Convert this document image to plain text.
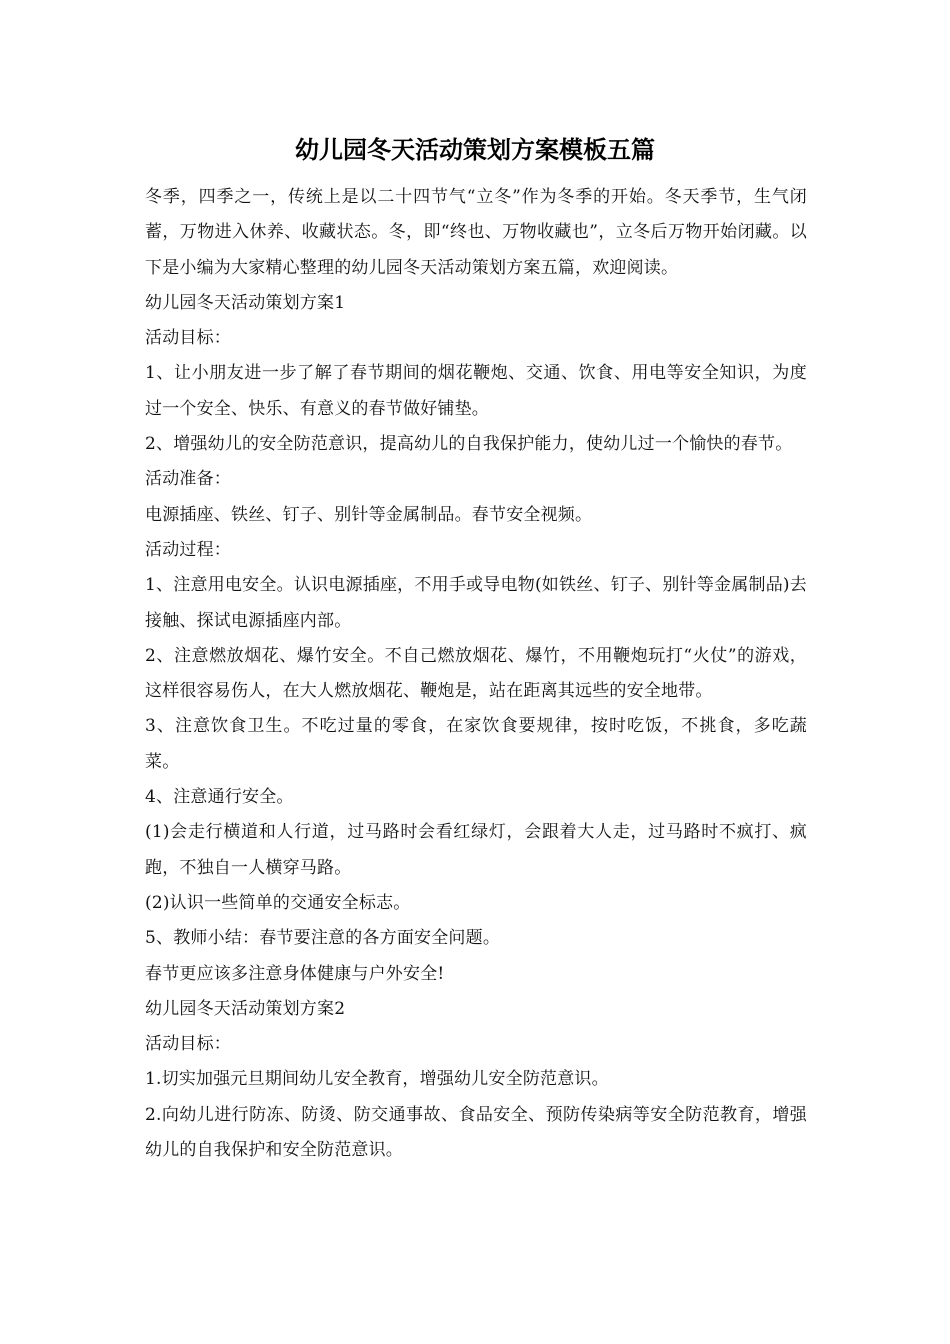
幼儿园冬天活动策划方案模板五篇

冬季，四季之一，传统上是以二十四节气“立冬”作为冬季的开始。冬天季节，生气闭蓄，万物进入休养、收藏状态。冬，即“终也、万物收藏也”，立冬后万物开始闭藏。以下是小编为大家精心整理的幼儿园冬天活动策划方案五篇，欢迎阅读。

幼儿园冬天活动策划方案1

活动目标：

1、让小朋友进一步了解了春节期间的烟花鞭炮、交通、饮食、用电等安全知识，为度过一个安全、快乐、有意义的春节做好铺垫。

2、增强幼儿的安全防范意识，提高幼儿的自我保护能力，使幼儿过一个愉快的春节。

活动准备：

电源插座、铁丝、钉子、别针等金属制品。春节安全视频。

活动过程：

1、注意用电安全。认识电源插座，不用手或导电物(如铁丝、钉子、别针等金属制品)去接触、探试电源插座内部。

2、注意燃放烟花、爆竹安全。不自己燃放烟花、爆竹，不用鞭炮玩打“火仗”的游戏，这样很容易伤人，在大人燃放烟花、鞭炮是，站在距离其远些的安全地带。

3、注意饮食卫生。不吃过量的零食，在家饮食要规律，按时吃饭，不挑食，多吃蔬菜。

4、注意通行安全。

(1)会走行横道和人行道，过马路时会看红绿灯，会跟着大人走，过马路时不疯打、疯跑，不独自一人横穿马路。

(2)认识一些简单的交通安全标志。

5、教师小结：春节要注意的各方面安全问题。

春节更应该多注意身体健康与户外安全!

幼儿园冬天活动策划方案2

活动目标：

1.切实加强元旦期间幼儿安全教育，增强幼儿安全防范意识。

2.向幼儿进行防冻、防烫、防交通事故、食品安全、预防传染病等安全防范教育，增强幼儿的自我保护和安全防范意识。
